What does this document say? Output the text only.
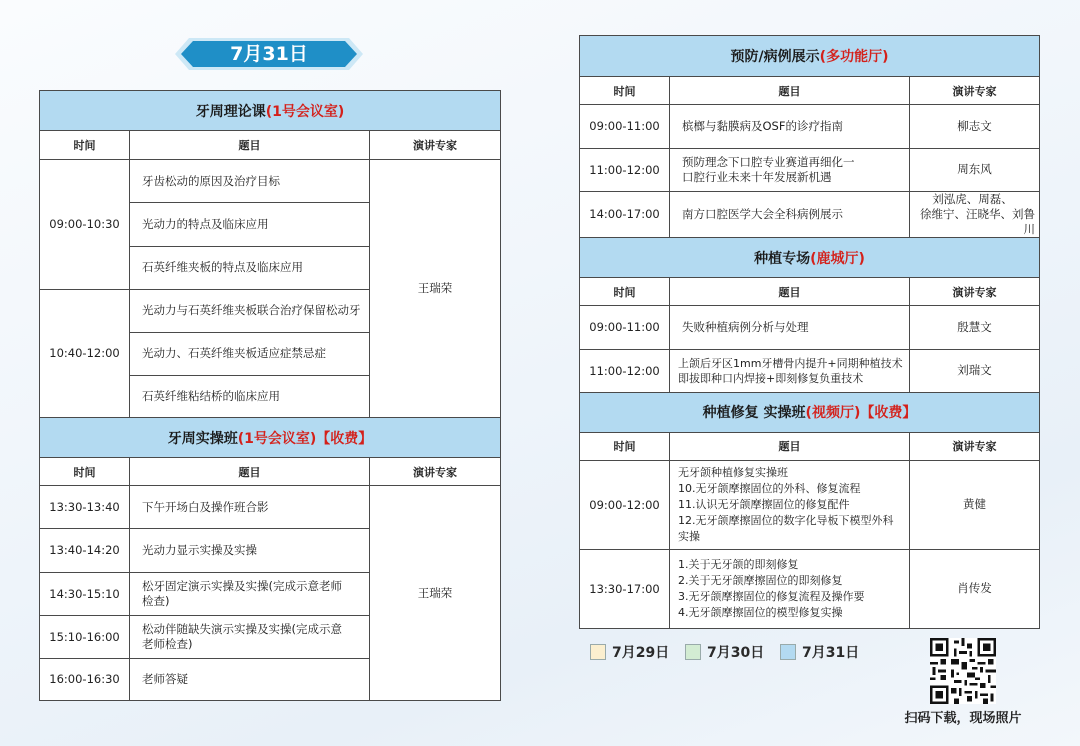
7月31日
牙周理论课(1号会议室)		
时间	题目	演讲专家
09:00-10:30	牙齿松动的原因及治疗目标	王瑞荣
	光动力的特点及临床应用	
	石英纤维夹板的特点及临床应用	
10:40-12:00	光动力与石英纤维夹板联合治疗保留松动牙	
	光动力、石英纤维夹板适应症禁忌症	
	石英纤维粘结桥的临床应用	
牙周实操班(1号会议室)【收费】		
时间	题目	演讲专家
13:30-13:40	下午开场白及操作班合影	王瑞荣
13:40-14:20	光动力显示实操及实操	

14:30-15:10	松牙固定演示实操及实操(完成示意老师
检查)	

15:10-16:00	松动伴随缺失演示实操及实操(完成示意
老师检查)	

16:00-16:30	老师答疑	
预防/病例展示(多功能厅)		
时间	题目	演讲专家
09:00-11:00	槟榔与黏膜病及OSF的诊疗指南	柳志文

11:00-12:00	预防理念下口腔专业赛道再细化一
口腔行业未来十年发展新机遇	周东风

14:00-17:00	南方口腔医学大会全科病例展示	刘泓虎、周磊、
徐维宁、汪晓华、刘鲁川

种植专场(鹿城厅)		
时间	题目	演讲专家
09:00-11:00	失败种植病例分析与处理	殷慧文

11:00-12:00	上颌后牙区1mm牙槽骨内提升+同期种植技术
即拔即种口内焊接+即刻修复负重技术	刘瑞文

种植修复 实操班(视频厅)【收费】		
时间	题目	演讲专家
09:00-12:00	无牙颌种植修复实操班
10.无牙颌摩擦固位的外科、修复流程
11.认识无牙颌摩擦固位的修复配件
12.无牙颌摩擦固位的数字化导板下模型外科
实操	黄健

13:30-17:00	1.关于无牙颌的即刻修复
2.关于无牙颌摩擦固位的即刻修复
3.无牙颌摩擦固位的修复流程及操作要
4.无牙颌摩擦固位的模型修复实操	肖传发
7月29日	7月30日	7月31日
扫码下载，现场照片
